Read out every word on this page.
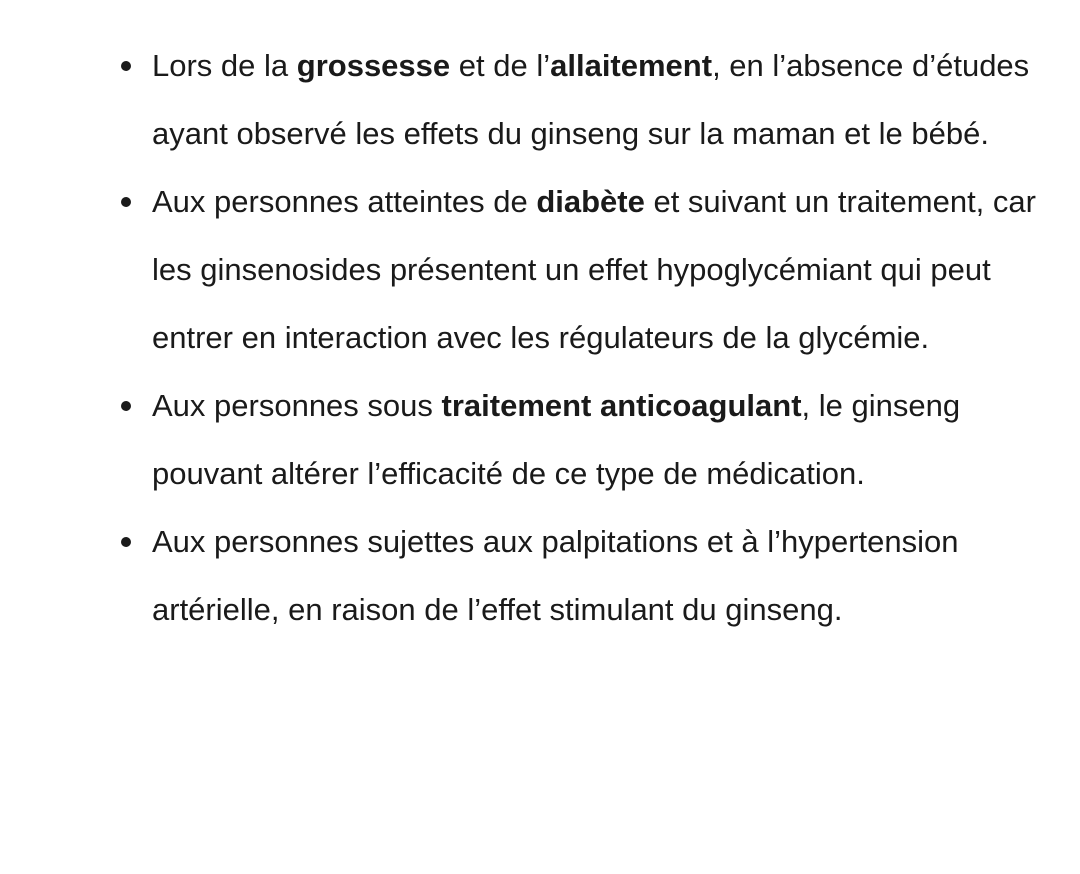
Lors de la grossesse et de l’allaitement, en l’absence d’études ayant observé les effets du ginseng sur la maman et le bébé.
Aux personnes atteintes de diabète et suivant un traitement, car les ginsenosides présentent un effet hypoglycémiant qui peut entrer en interaction avec les régulateurs de la glycémie.
Aux personnes sous traitement anticoagulant, le ginseng pouvant altérer l’efficacité de ce type de médication.
Aux personnes sujettes aux palpitations et à l’hypertension artérielle, en raison de l’effet stimulant du ginseng.
